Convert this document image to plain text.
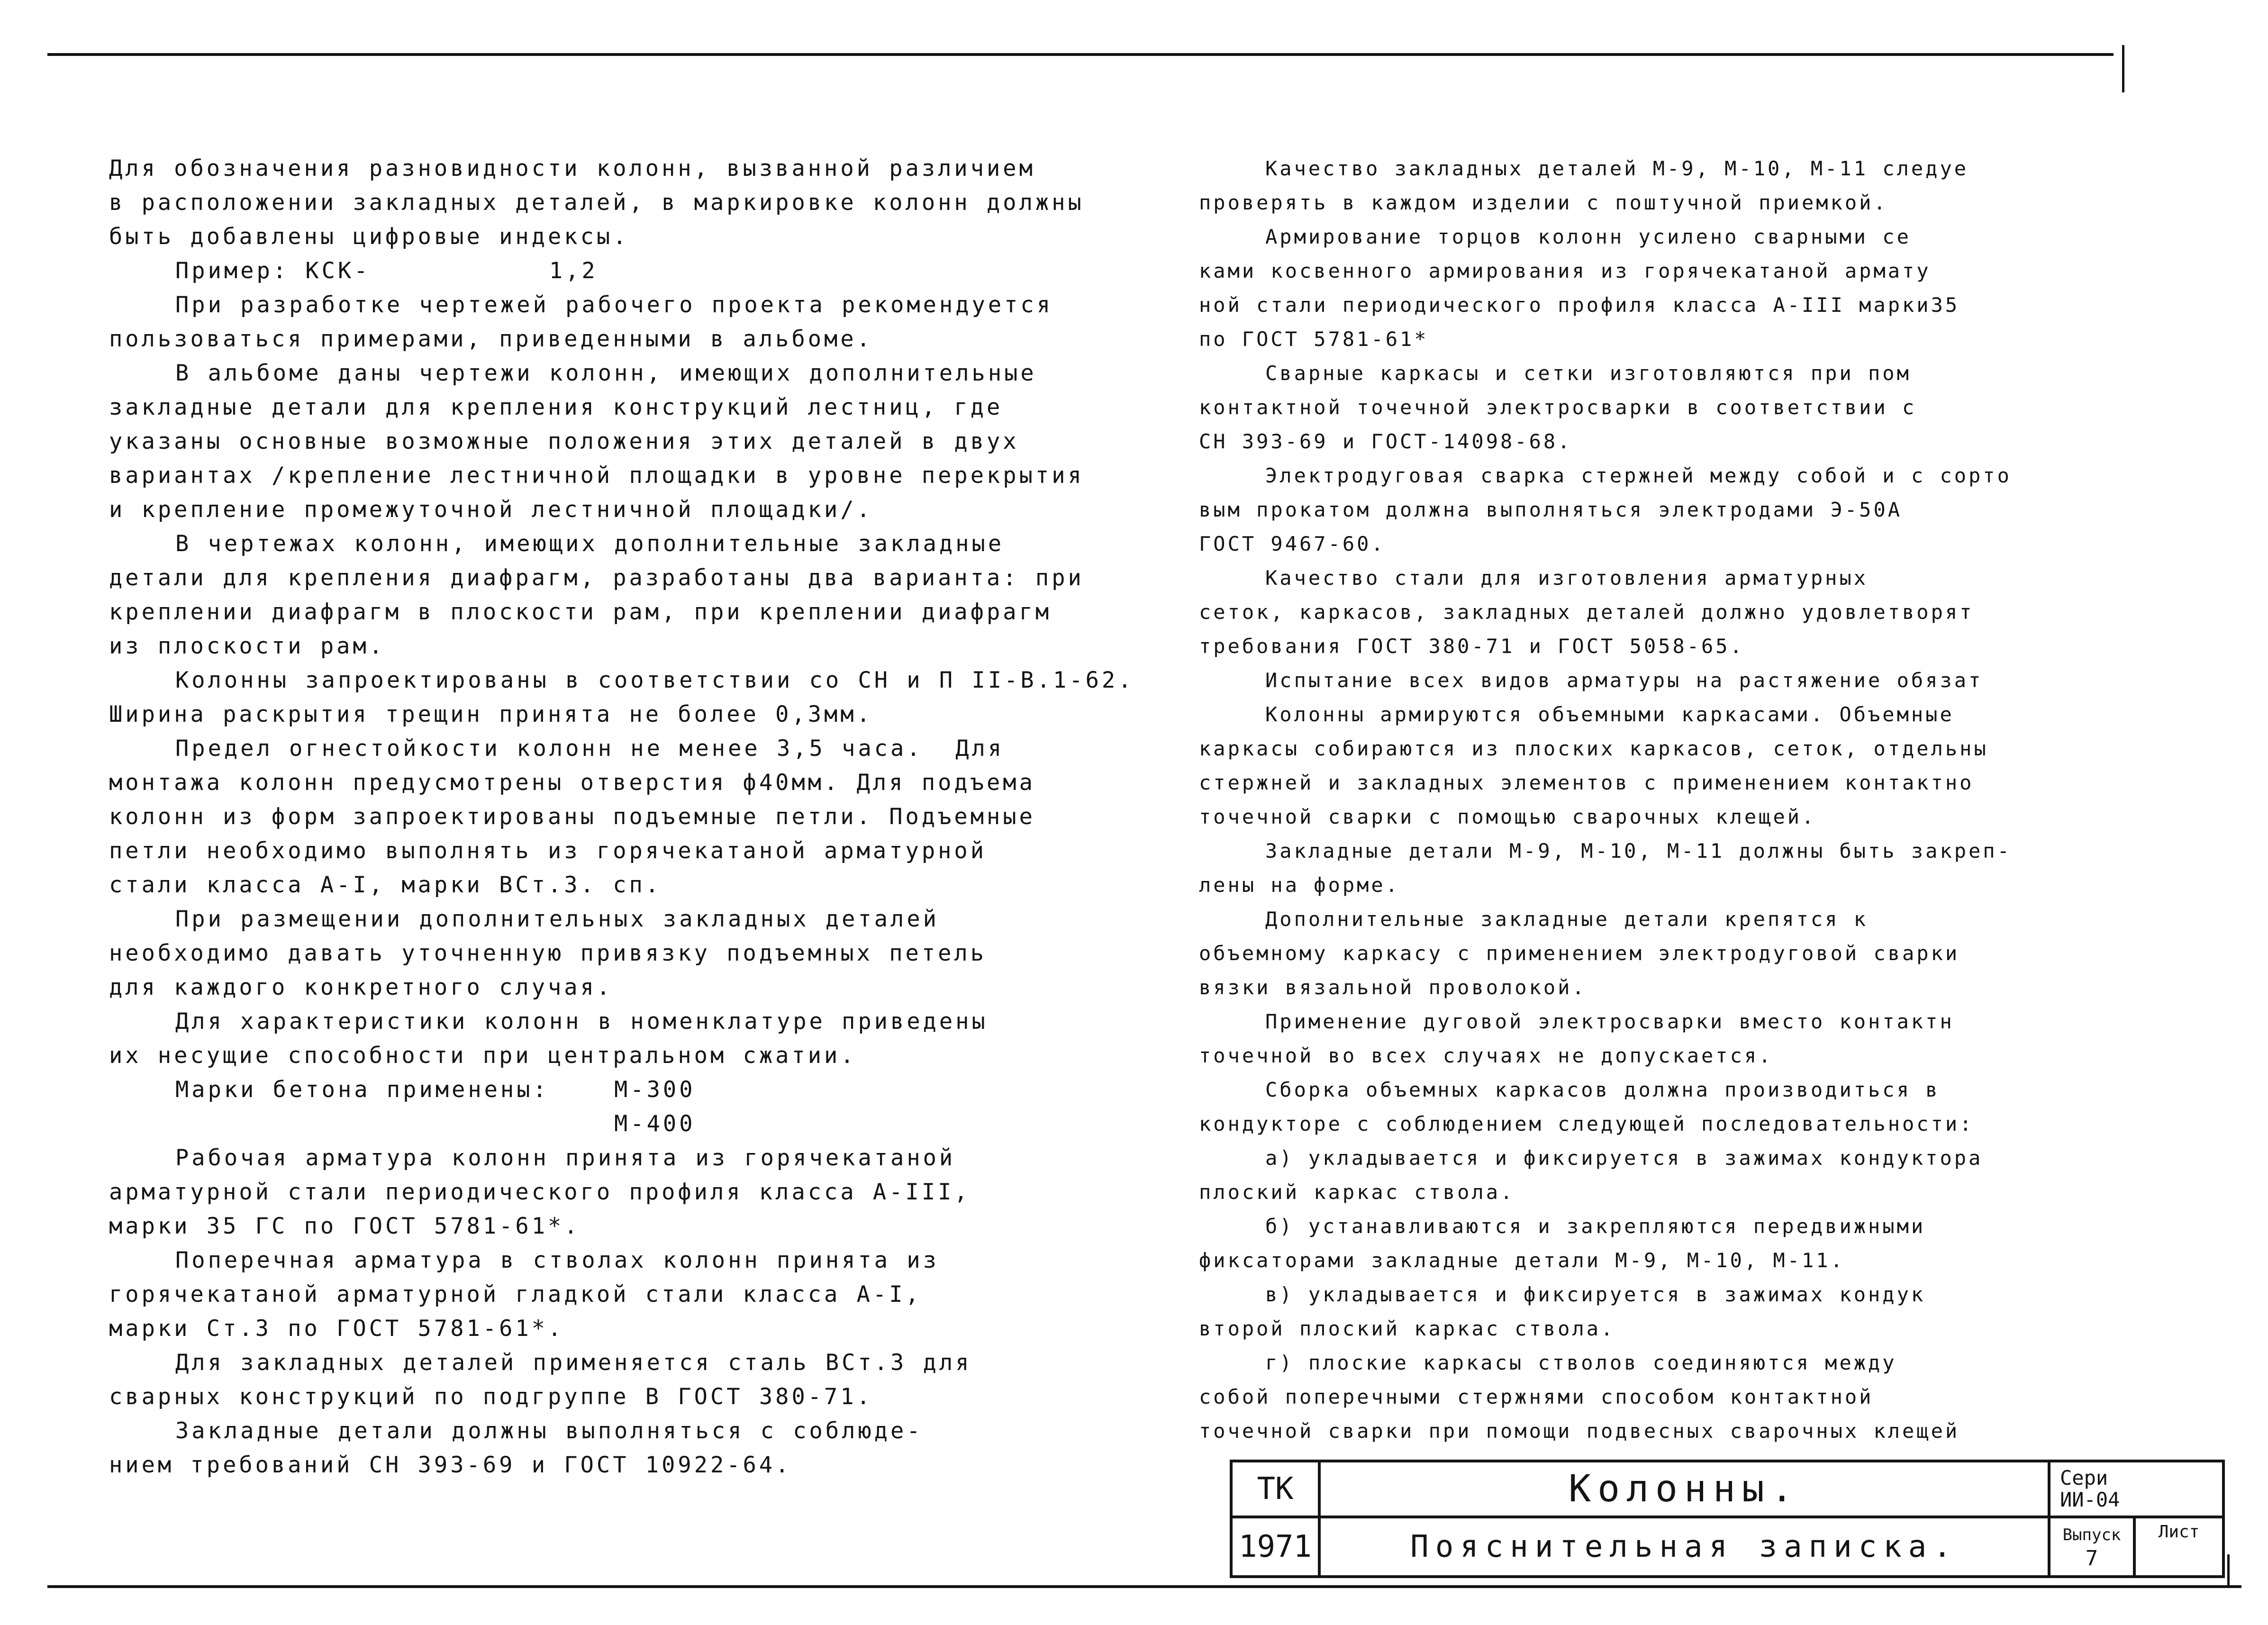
Для обозначения разновидности колонн, вызванной различием

в расположении закладных деталей, в маркировке колонн должны

быть добавлены цифровые индексы.

Пример: КСК-           1,2

При разработке чертежей рабочего проекта рекомендуется

пользоваться примерами, приведенными в альбоме.

В альбоме даны чертежи колонн, имеющих дополнительные

закладные детали для крепления конструкций лестниц, где

указаны основные возможные положения этих деталей в двух

вариантах /крепление лестничной площадки в уровне перекрытия

и крепление промежуточной лестничной площадки/.

В чертежах колонн, имеющих дополнительные закладные

детали для крепления диафрагм, разработаны два варианта: при

креплении диафрагм в плоскости рам, при креплении диафрагм

из плоскости рам.

Колонны запроектированы в соответствии со СН и П II-В.1-62.

Ширина раскрытия трещин принята не более 0,3мм.

Предел огнестойкости колонн не менее 3,5 часа.  Для

монтажа колонн предусмотрены отверстия ф40мм. Для подъема

колонн из форм запроектированы подъемные петли. Подъемные

петли необходимо выполнять из горячекатаной арматурной

стали класса А-I, марки ВСт.3. сп.

При размещении дополнительных закладных деталей

необходимо давать уточненную привязку подъемных петель

для каждого конкретного случая.

Для характеристики колонн в номенклатуре приведены

их несущие способности при центральном сжатии.

Марки бетона применены:    М-300

М-400

Рабочая арматура колонн принята из горячекатаной

арматурной стали периодического профиля класса А-III,

марки 35 ГС по ГОСТ 5781-61*.

Поперечная арматура в стволах колонн принята из

горячекатаной арматурной гладкой стали класса А-I,

марки Ст.3 по ГОСТ 5781-61*.

Для закладных деталей применяется сталь ВСт.3 для

сварных конструкций по подгруппе В ГОСТ 380-71.

Закладные детали должны выполняться с соблюде-

нием требований СН 393-69 и ГОСТ 10922-64.

Качество закладных деталей М-9, М-10, М-11 следуе

проверять в каждом изделии с поштучной приемкой.

Армирование торцов колонн усилено сварными се

ками косвенного армирования из горячекатаной армату

ной стали периодического профиля класса А-III марки35

по ГОСТ 5781-61*

Сварные каркасы и сетки изготовляются при пом

контактной точечной электросварки в соответствии с

СН 393-69 и ГОСТ-14098-68.

Электродуговая сварка стержней между собой и с сорто

вым прокатом должна выполняться электродами Э-50А

ГОСТ 9467-60.

Качество стали для изготовления арматурных

сеток, каркасов, закладных деталей должно удовлетворят

требования ГОСТ 380-71 и ГОСТ 5058-65.

Испытание всех видов арматуры на растяжение обязат

Колонны армируются объемными каркасами. Объемные

каркасы собираются из плоских каркасов, сеток, отдельны

стержней и закладных элементов с применением контактно

точечной сварки с помощью сварочных клещей.

Закладные детали М-9, М-10, М-11 должны быть закреп-

лены на форме.

Дополнительные закладные детали крепятся к

объемному каркасу с применением электродуговой сварки

вязки вязальной проволокой.

Применение дуговой электросварки вместо контактн

точечной во всех случаях не допускается.

Сборка объемных каркасов должна производиться в

кондукторе с соблюдением следующей последовательности:

а) укладывается и фиксируется в зажимах кондуктора

плоский каркас ствола.

б) устанавливаются и закрепляются передвижными

фиксаторами закладные детали М-9, М-10, М-11.

в) укладывается и фиксируется в зажимах кондук

второй плоский каркас ствола.

г) плоские каркасы стволов соединяются между

собой поперечными стержнями способом контактной

точечной сварки при помощи подвесных сварочных клещей

ТК
1971
Колонны.
Пояснительная записка.
Сери
ИИ-04
Выпуск
7
Лист
